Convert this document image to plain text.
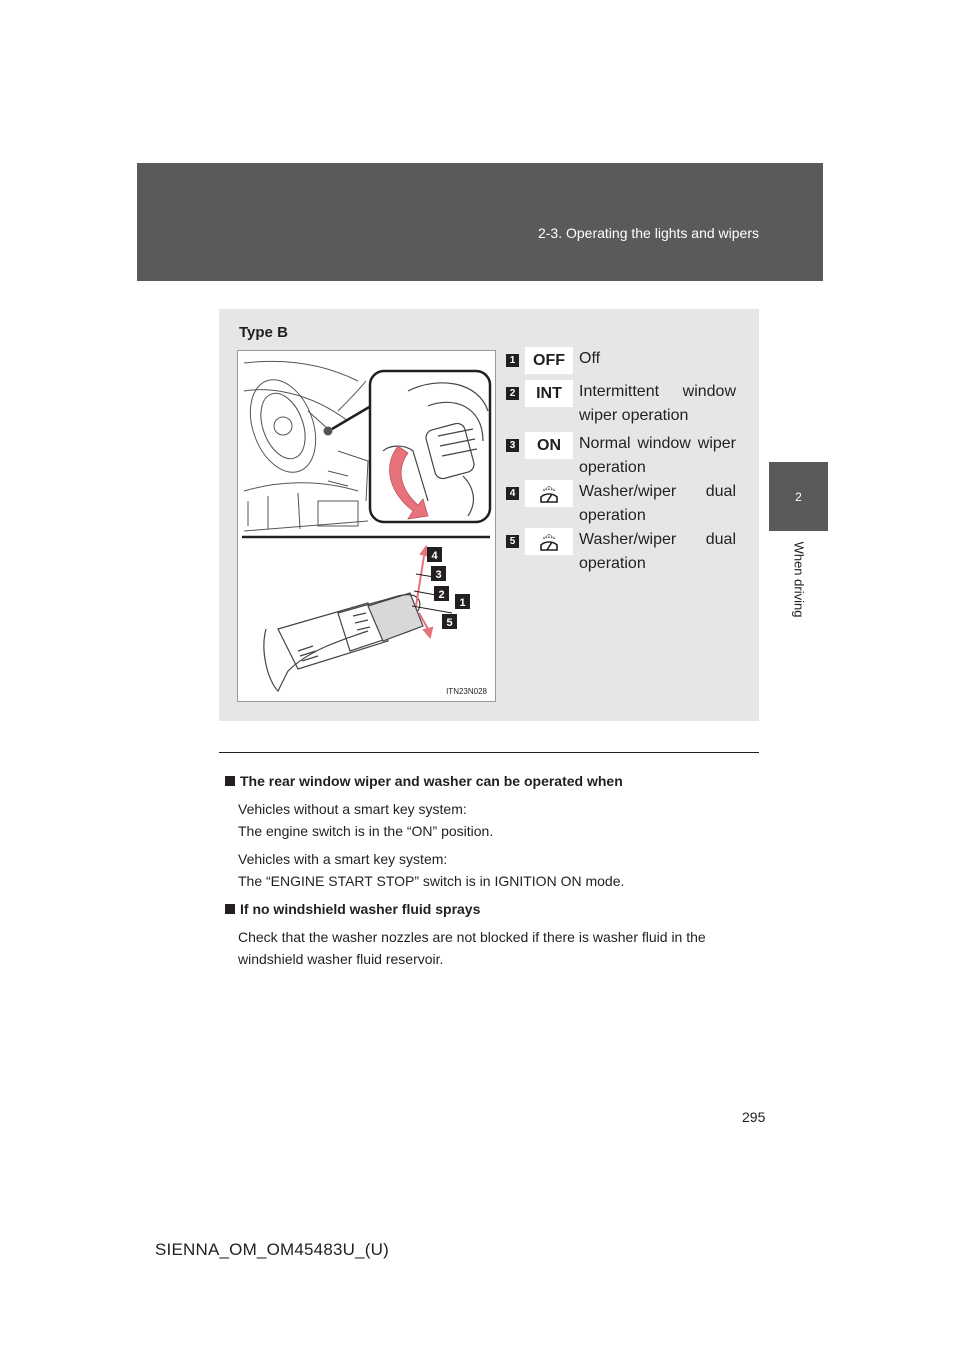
2-3. Operating the lights and wipers
2
When driving
Type B
4
3
2
1
5
ITN23N028
1	OFF Off
2	INT	Intermittent window wiper operation
3	ON	Normal window wiper operation
4	Washer/wiper dual operation
5	Washer/wiper dual operation
The rear window wiper and washer can be operated when
Vehicles without a smart key system:
The engine switch is in the “ON” position.
Vehicles with a smart key system:
The “ENGINE START STOP” switch is in IGNITION ON mode.
If no windshield washer fluid sprays
Check that the washer nozzles are not blocked if there is washer fluid in the
windshield washer fluid reservoir.
295
SIENNA_OM_OM45483U_(U)
